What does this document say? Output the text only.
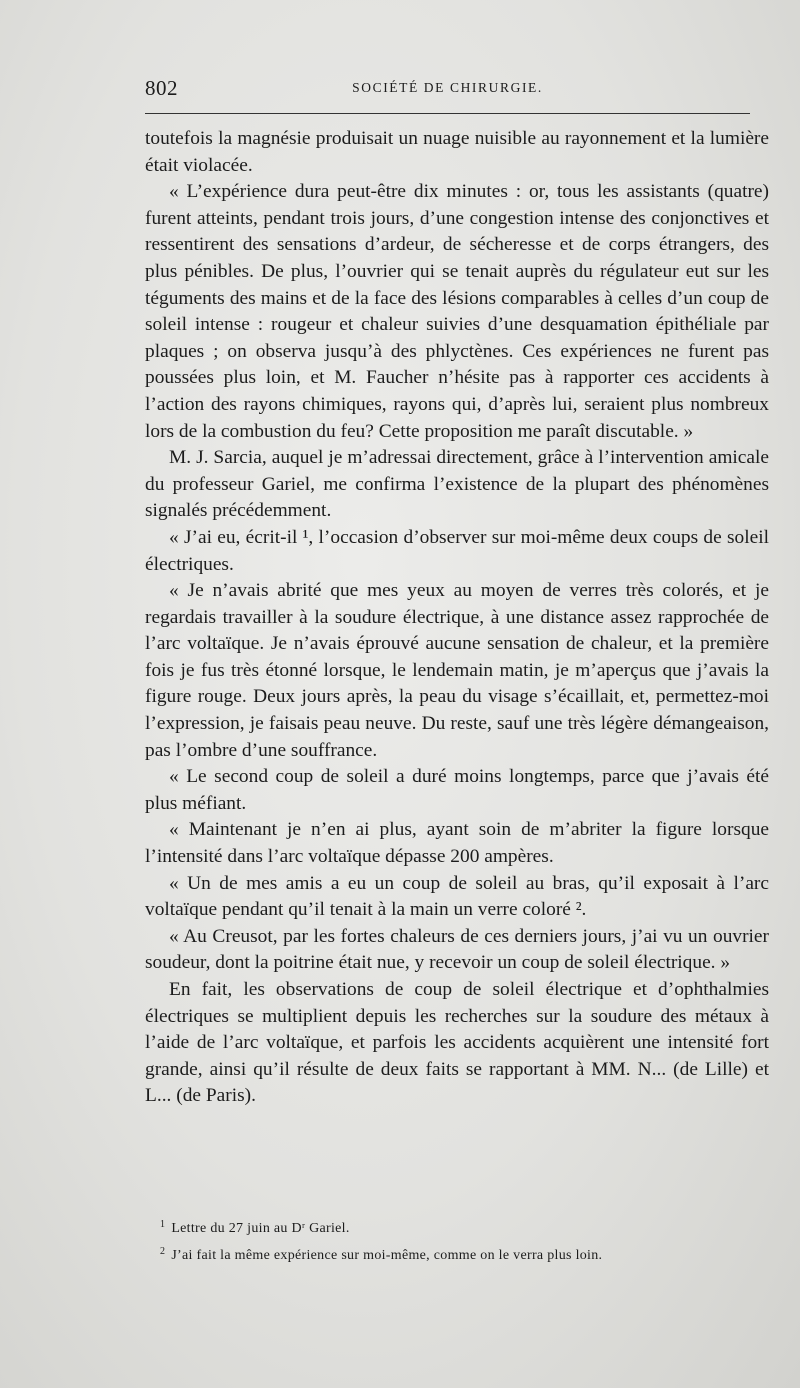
802	SOCIÉTÉ DE CHIRURGIE.

toutefois la magnésie produisait un nuage nuisible au rayonnement et la lumière était violacée.

« L’expérience dura peut-être dix minutes : or, tous les assistants (quatre) furent atteints, pendant trois jours, d’une congestion intense des conjonctives et ressentirent des sensations d’ardeur, de sécheresse et de corps étrangers, des plus pénibles. De plus, l’ouvrier qui se tenait auprès du régulateur eut sur les téguments des mains et de la face des lésions comparables à celles d’un coup de soleil intense : rougeur et chaleur suivies d’une desquamation épithéliale par plaques ; on observa jusqu’à des phlyctènes. Ces expériences ne furent pas poussées plus loin, et M. Faucher n’hésite pas à rapporter ces accidents à l’action des rayons chimiques, rayons qui, d’après lui, seraient plus nombreux lors de la combustion du feu? Cette proposition me paraît discutable. »

M. J. Sarcia, auquel je m’adressai directement, grâce à l’intervention amicale du professeur Gariel, me confirma l’existence de la plupart des phénomènes signalés précédemment.

« J’ai eu, écrit-il ¹, l’occasion d’observer sur moi-même deux coups de soleil électriques.

« Je n’avais abrité que mes yeux au moyen de verres très colorés, et je regardais travailler à la soudure électrique, à une distance assez rapprochée de l’arc voltaïque. Je n’avais éprouvé aucune sensation de chaleur, et la première fois je fus très étonné lorsque, le lendemain matin, je m’aperçus que j’avais la figure rouge. Deux jours après, la peau du visage s’écaillait, et, permettez-moi l’expression, je faisais peau neuve. Du reste, sauf une très légère démangeaison, pas l’ombre d’une souffrance.

« Le second coup de soleil a duré moins longtemps, parce que j’avais été plus méfiant.

« Maintenant je n’en ai plus, ayant soin de m’abriter la figure lorsque l’intensité dans l’arc voltaïque dépasse 200 ampères.

« Un de mes amis a eu un coup de soleil au bras, qu’il exposait à l’arc voltaïque pendant qu’il tenait à la main un verre coloré ².

« Au Creusot, par les fortes chaleurs de ces derniers jours, j’ai vu un ouvrier soudeur, dont la poitrine était nue, y recevoir un coup de soleil électrique. »

En fait, les observations de coup de soleil électrique et d’ophthalmies électriques se multiplient depuis les recherches sur la soudure des métaux à l’aide de l’arc voltaïque, et parfois les accidents acquièrent une intensité fort grande, ainsi qu’il résulte de deux faits se rapportant à MM. N... (de Lille) et L... (de Paris).

$^1$ Lettre du 27 juin au Dʳ Gariel.

$^2$ J’ai fait la même expérience sur moi-même, comme on le verra plus loin.
